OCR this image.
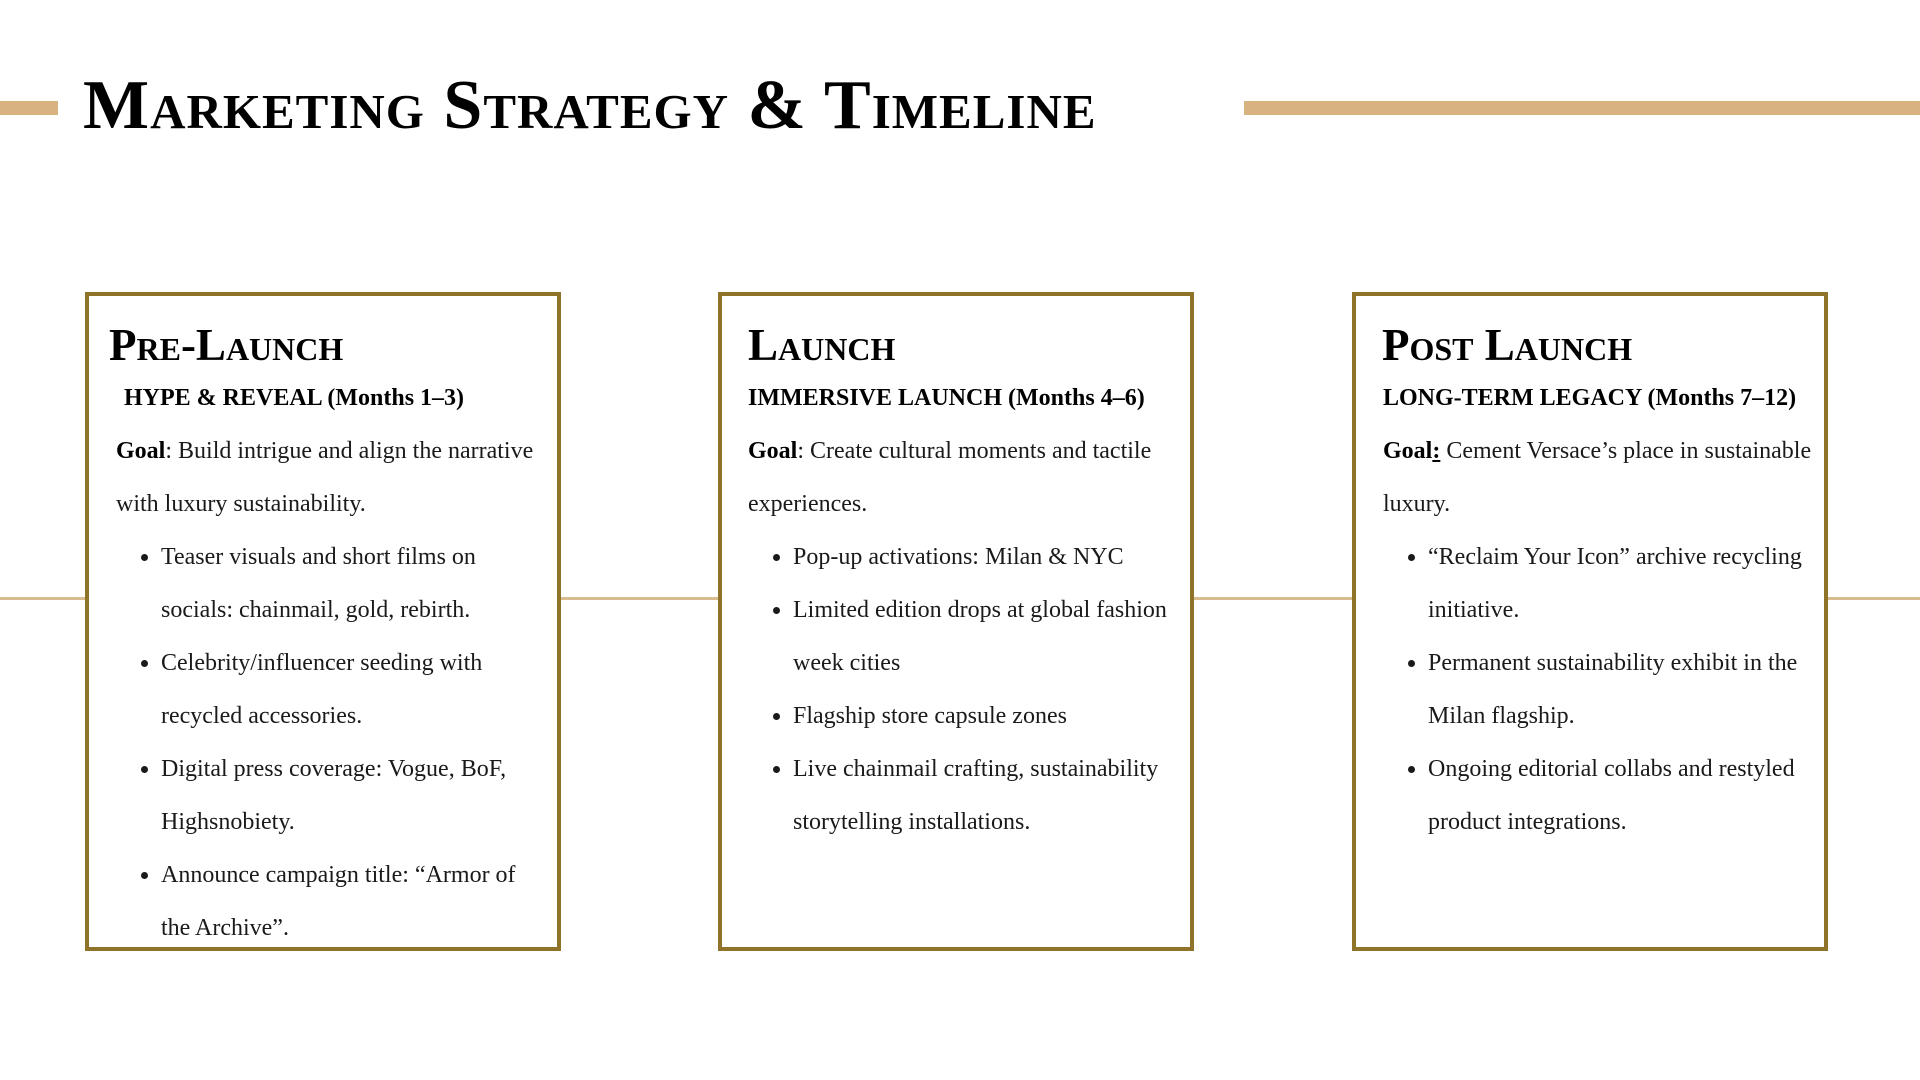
Marketing Strategy & Timeline
Pre-Launch

HYPE & REVEAL (Months 1–3)

Goal: Build intrigue and align the narrative with luxury sustainability.

• Teaser visuals and short films on socials: chainmail, gold, rebirth.
• Celebrity/influencer seeding with recycled accessories.
• Digital press coverage: Vogue, BoF, Highsnobiety.
• Announce campaign title: “Armor of the Archive”.
Launch

IMMERSIVE LAUNCH (Months 4–6)

Goal: Create cultural moments and tactile experiences.

• Pop-up activations: Milan & NYC
• Limited edition drops at global fashion week cities
• Flagship store capsule zones
• Live chainmail crafting, sustainability storytelling installations.
Post Launch

LONG-TERM LEGACY (Months 7–12)

Goal: Cement Versace’s place in sustainable luxury.

• “Reclaim Your Icon” archive recycling initiative.
• Permanent sustainability exhibit in the Milan flagship.
• Ongoing editorial collabs and restyled product integrations.
